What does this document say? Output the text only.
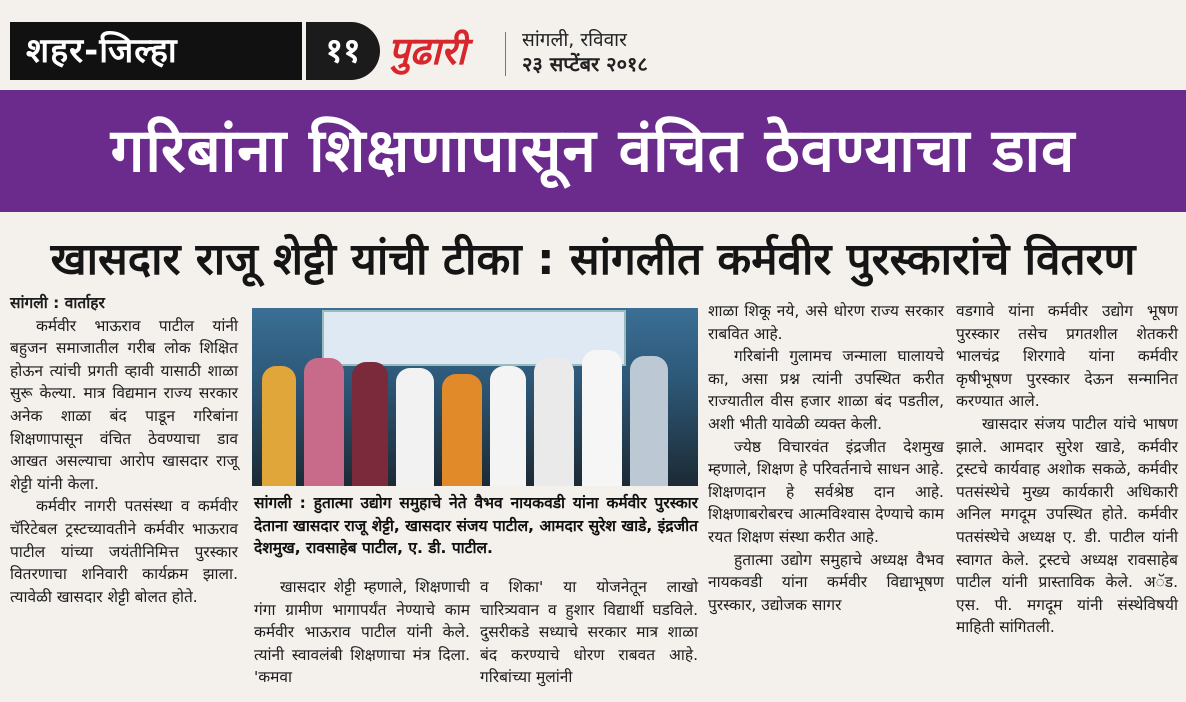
शहर-जिल्हा	११ पुढारी	सांगली, रविवार
२३ सप्टेंबर २०१८
गरिबांना शिक्षणापासून वंचित ठेवण्याचा डाव
खासदार राजू शेट्टी यांची टीका : सांगलीत कर्मवीर पुरस्कारांचे वितरण

सांगली : वार्ताहर

कर्मवीर भाऊराव पाटील यांनी बहुजन समाजातील गरीब लोक शिक्षित होऊन त्यांची प्रगती व्हावी यासाठी शाळा सुरू केल्या. मात्र विद्यमान राज्य सरकार अनेक शाळा बंद पाडून गरिबांना शिक्षणापासून वंचित ठेवण्याचा डाव आखत असल्याचा आरोप खासदार राजू शेट्टी यांनी केला.

कर्मवीर नागरी पतसंस्था व कर्मवीर चॅरिटेबल ट्रस्टच्यावतीने कर्मवीर भाऊराव पाटील यांच्या जयंतीनिमित्त पुरस्कार वितरणाचा शनिवारी कार्यक्रम झाला. त्यावेळी खासदार शेट्टी बोलत होते.

सांगली : हुतात्मा उद्योग समुहाचे नेते वैभव नायकवडी यांना कर्मवीर पुरस्कार देताना खासदार राजू शेट्टी, खासदार संजय पाटील, आमदार सुरेश खाडे, इंद्रजीत देशमुख, रावसाहेब पाटील, ए. डी. पाटील.

खासदार शेट्टी म्हणाले, शिक्षणाची गंगा ग्रामीण भागापर्यंत नेण्याचे काम कर्मवीर भाऊराव पाटील यांनी केले. त्यांनी स्वावलंबी शिक्षणाचा मंत्र दिला. 'कमवा

व शिका' या योजनेतून लाखो चारित्र्यवान व हुशार विद्यार्थी घडविले. दुसरीकडे सध्याचे सरकार मात्र शाळा बंद करण्याचे धोरण राबवत आहे. गरिबांच्या मुलांनी

शाळा शिकू नये, असे धोरण राज्य सरकार राबवित आहे.

गरिबांनी गुलामच जन्माला घालायचे का, असा प्रश्न त्यांनी उपस्थित करीत राज्यातील वीस हजार शाळा बंद पडतील, अशी भीती यावेळी व्यक्त केली.

ज्येष्ठ विचारवंत इंद्रजीत देशमुख म्हणाले, शिक्षण हे परिवर्तनाचे साधन आहे. शिक्षणदान हे सर्वश्रेष्ठ दान आहे. शिक्षणाबरोबरच आत्मविश्वास देण्याचे काम रयत शिक्षण संस्था करीत आहे.

हुतात्मा उद्योग समुहाचे अध्यक्ष वैभव नायकवडी यांना कर्मवीर विद्याभूषण पुरस्कार, उद्योजक सागर

वडगावे यांना कर्मवीर उद्योग भूषण पुरस्कार तसेच प्रगतशील शेतकरी भालचंद्र शिरगावे यांना कर्मवीर कृषीभूषण पुरस्कार देऊन सन्मानित करण्यात आले.

खासदार संजय पाटील यांचे भाषण झाले. आमदार सुरेश खाडे, कर्मवीर ट्रस्टचे कार्यवाह अशोक सकळे, कर्मवीर पतसंस्थेचे मुख्य कार्यकारी अधिकारी अनिल मगदूम उपस्थित होते. कर्मवीर पतसंस्थेचे अध्यक्ष ए. डी. पाटील यांनी स्वागत केले. ट्रस्टचे अध्यक्ष रावसाहेब पाटील यांनी प्रास्ताविक केले. अॅड. एस. पी. मगदूम यांनी संस्थेविषयी माहिती सांगितली.
